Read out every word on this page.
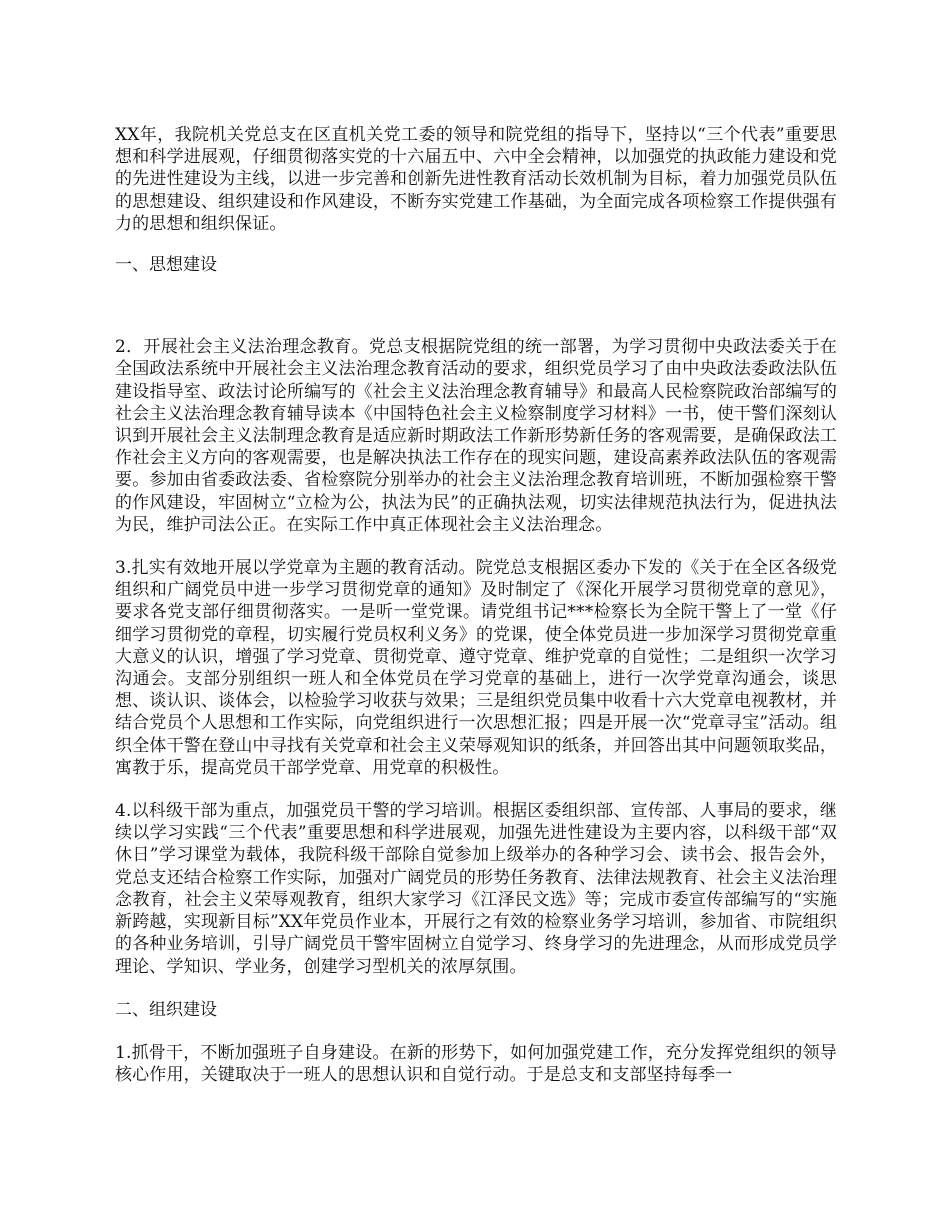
XX年，我院机关党总支在区直机关党工委的领导和院党组的指导下，坚持以“三个代表”重要思想和科学进展观，仔细贯彻落实党的十六届五中、六中全会精神，以加强党的执政能力建设和党的先进性建设为主线，以进一步完善和创新先进性教育活动长效机制为目标，着力加强党员队伍的思想建设、组织建设和作风建设，不断夯实党建工作基础，为全面完成各项检察工作提供强有力的思想和组织保证。

一、思想建设

2．开展社会主义法治理念教育。党总支根据院党组的统一部署，为学习贯彻中央政法委关于在全国政法系统中开展社会主义法治理念教育活动的要求，组织党员学习了由中央政法委政法队伍建设指导室、政法讨论所编写的《社会主义法治理念教育辅导》和最高人民检察院政治部编写的社会主义法治理念教育辅导读本《中国特色社会主义检察制度学习材料》一书，使干警们深刻认识到开展社会主义法制理念教育是适应新时期政法工作新形势新任务的客观需要，是确保政法工作社会主义方向的客观需要，也是解决执法工作存在的现实问题，建设高素养政法队伍的客观需要。参加由省委政法委、省检察院分别举办的社会主义法治理念教育培训班，不断加强检察干警的作风建设，牢固树立“立检为公，执法为民”的正确执法观，切实法律规范执法行为，促进执法为民，维护司法公正。在实际工作中真正体现社会主义法治理念。

3.扎实有效地开展以学党章为主题的教育活动。院党总支根据区委办下发的《关于在全区各级党组织和广阔党员中进一步学习贯彻党章的通知》及时制定了《深化开展学习贯彻党章的意见》，要求各党支部仔细贯彻落实。一是听一堂党课。请党组书记***检察长为全院干警上了一堂《仔细学习贯彻党的章程，切实履行党员权利义务》的党课，使全体党员进一步加深学习贯彻党章重大意义的认识，增强了学习党章、贯彻党章、遵守党章、维护党章的自觉性；二是组织一次学习沟通会。支部分别组织一班人和全体党员在学习党章的基础上，进行一次学党章沟通会，谈思想、谈认识、谈体会，以检验学习收获与效果；三是组织党员集中收看十六大党章电视教材，并结合党员个人思想和工作实际，向党组织进行一次思想汇报；四是开展一次“党章寻宝”活动。组织全体干警在登山中寻找有关党章和社会主义荣辱观知识的纸条，并回答出其中问题领取奖品，寓教于乐，提高党员干部学党章、用党章的积极性。

4.以科级干部为重点，加强党员干警的学习培训。根据区委组织部、宣传部、人事局的要求，继续以学习实践“三个代表”重要思想和科学进展观，加强先进性建设为主要内容，以科级干部“双休日”学习课堂为载体，我院科级干部除自觉参加上级举办的各种学习会、读书会、报告会外，党总支还结合检察工作实际，加强对广阔党员的形势任务教育、法律法规教育、社会主义法治理念教育，社会主义荣辱观教育，组织大家学习《江泽民文选》等；完成市委宣传部编写的“实施新跨越，实现新目标”XX年党员作业本，开展行之有效的检察业务学习培训，参加省、市院组织的各种业务培训，引导广阔党员干警牢固树立自觉学习、终身学习的先进理念，从而形成党员学理论、学知识、学业务，创建学习型机关的浓厚氛围。

二、组织建设

1.抓骨干，不断加强班子自身建设。在新的形势下，如何加强党建工作，充分发挥党组织的领导核心作用，关键取决于一班人的思想认识和自觉行动。于是总支和支部坚持每季一
